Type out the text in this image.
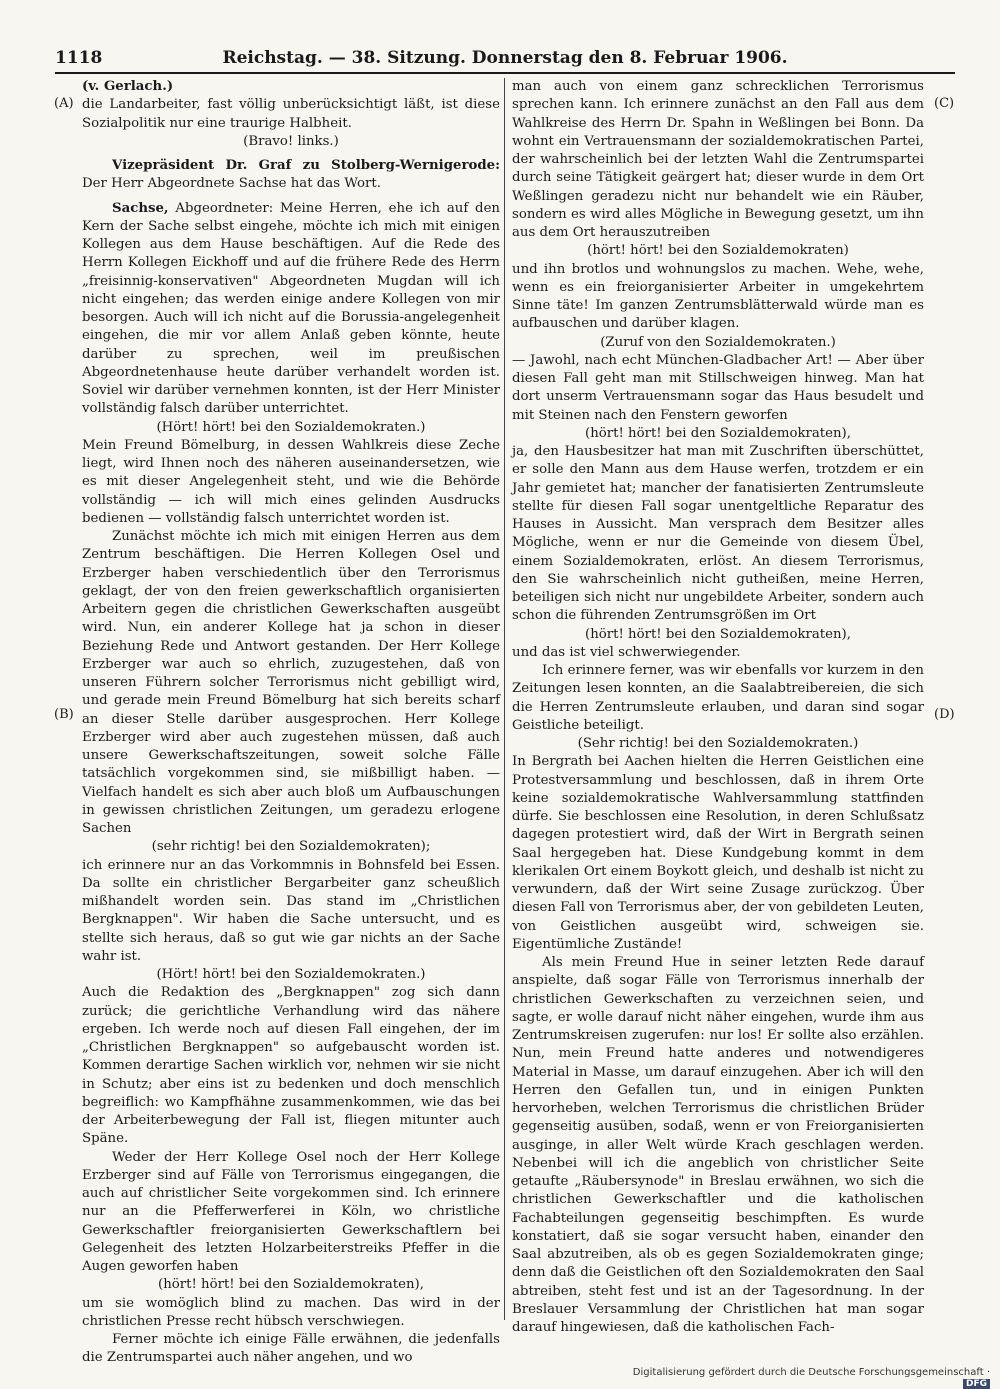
1118	Reichstag. — 38. Sitzung. Donnerstag den 8. Februar 1906.
(A)
(B)
(C)
(D)

(v. Gerlach.)

die Landarbeiter, fast völlig unberücksichtigt läßt, ist diese Sozialpolitik nur eine traurige Halbheit.

(Bravo! links.)

Vizepräsident Dr. Graf zu Stolberg-Wernigerode: Der Herr Abgeordnete Sachse hat das Wort.

Sachse, Abgeordneter: Meine Herren, ehe ich auf den Kern der Sache selbst eingehe, möchte ich mich mit einigen Kollegen aus dem Hause beschäftigen. Auf die Rede des Herrn Kollegen Eickhoff und auf die frühere Rede des Herrn „freisinnig-konservativen" Abgeordneten Mugdan will ich nicht eingehen; das werden einige andere Kollegen von mir besorgen. Auch will ich nicht auf die Borussia-angelegenheit eingehen, die mir vor allem Anlaß geben könnte, heute darüber zu sprechen, weil im preußischen Abgeordnetenhause heute darüber verhandelt worden ist. Soviel wir darüber vernehmen konnten, ist der Herr Minister vollständig falsch darüber unterrichtet.

(Hört! hört! bei den Sozialdemokraten.)

Mein Freund Bömelburg, in dessen Wahlkreis diese Zeche liegt, wird Ihnen noch des näheren auseinandersetzen, wie es mit dieser Angelegenheit steht, und wie die Behörde vollständig — ich will mich eines gelinden Ausdrucks bedienen — vollständig falsch unterrichtet worden ist.

Zunächst möchte ich mich mit einigen Herren aus dem Zentrum beschäftigen. Die Herren Kollegen Osel und Erzberger haben verschiedentlich über den Terrorismus geklagt, der von den freien gewerkschaftlich organisierten Arbeitern gegen die christlichen Gewerkschaften ausgeübt wird. Nun, ein anderer Kollege hat ja schon in dieser Beziehung Rede und Antwort gestanden. Der Herr Kollege Erzberger war auch so ehrlich, zuzugestehen, daß von unseren Führern solcher Terrorismus nicht gebilligt wird, und gerade mein Freund Bömelburg hat sich bereits scharf an dieser Stelle darüber ausgesprochen. Herr Kollege Erzberger wird aber auch zugestehen müssen, daß auch unsere Gewerkschaftszeitungen, soweit solche Fälle tatsächlich vorgekommen sind, sie mißbilligt haben. — Vielfach handelt es sich aber auch bloß um Aufbauschungen in gewissen christlichen Zeitungen, um geradezu erlogene Sachen

(sehr richtig! bei den Sozialdemokraten);

ich erinnere nur an das Vorkommnis in Bohnsfeld bei Essen. Da sollte ein christlicher Bergarbeiter ganz scheußlich mißhandelt worden sein. Das stand im „Christlichen Bergknappen". Wir haben die Sache untersucht, und es stellte sich heraus, daß so gut wie gar nichts an der Sache wahr ist.

(Hört! hört! bei den Sozialdemokraten.)

Auch die Redaktion des „Bergknappen" zog sich dann zurück; die gerichtliche Verhandlung wird das nähere ergeben. Ich werde noch auf diesen Fall eingehen, der im „Christlichen Bergknappen" so aufgebauscht worden ist. Kommen derartige Sachen wirklich vor, nehmen wir sie nicht in Schutz; aber eins ist zu bedenken und doch menschlich begreiflich: wo Kampfhähne zusammenkommen, wie das bei der Arbeiterbewegung der Fall ist, fliegen mitunter auch Späne.

Weder der Herr Kollege Osel noch der Herr Kollege Erzberger sind auf Fälle von Terrorismus eingegangen, die auch auf christlicher Seite vorgekommen sind. Ich erinnere nur an die Pfefferwerferei in Köln, wo christliche Gewerkschaftler freiorganisierten Gewerkschaftlern bei Gelegenheit des letzten Holzarbeiterstreiks Pfeffer in die Augen geworfen haben

(hört! hört! bei den Sozialdemokraten),

um sie womöglich blind zu machen. Das wird in der christlichen Presse recht hübsch verschwiegen.

Ferner möchte ich einige Fälle erwähnen, die jedenfalls die Zentrumspartei auch näher angehen, und wo

man auch von einem ganz schrecklichen Terrorismus sprechen kann. Ich erinnere zunächst an den Fall aus dem Wahlkreise des Herrn Dr. Spahn in Weßlingen bei Bonn. Da wohnt ein Vertrauensmann der sozialdemokratischen Partei, der wahrscheinlich bei der letzten Wahl die Zentrumspartei durch seine Tätigkeit geärgert hat; dieser wurde in dem Ort Weßlingen geradezu nicht nur behandelt wie ein Räuber, sondern es wird alles Mögliche in Bewegung gesetzt, um ihn aus dem Ort herauszutreiben

(hört! hört! bei den Sozialdemokraten)

und ihn brotlos und wohnungslos zu machen. Wehe, wehe, wenn es ein freiorganisierter Arbeiter in umgekehrtem Sinne täte! Im ganzen Zentrumsblätterwald würde man es aufbauschen und darüber klagen.

(Zuruf von den Sozialdemokraten.)

— Jawohl, nach echt München-Gladbacher Art! — Aber über diesen Fall geht man mit Stillschweigen hinweg. Man hat dort unserm Vertrauensmann sogar das Haus besudelt und mit Steinen nach den Fenstern geworfen

(hört! hört! bei den Sozialdemokraten),

ja, den Hausbesitzer hat man mit Zuschriften überschüttet, er solle den Mann aus dem Hause werfen, trotzdem er ein Jahr gemietet hat; mancher der fanatisierten Zentrumsleute stellte für diesen Fall sogar unentgeltliche Reparatur des Hauses in Aussicht. Man versprach dem Besitzer alles Mögliche, wenn er nur die Gemeinde von diesem Übel, einem Sozialdemokraten, erlöst. An diesem Terrorismus, den Sie wahrscheinlich nicht gutheißen, meine Herren, beteiligen sich nicht nur ungebildete Arbeiter, sondern auch schon die führenden Zentrumsgrößen im Ort

(hört! hört! bei den Sozialdemokraten),

und das ist viel schwerwiegender.

Ich erinnere ferner, was wir ebenfalls vor kurzem in den Zeitungen lesen konnten, an die Saalabtreibereien, die sich die Herren Zentrumsleute erlauben, und daran sind sogar Geistliche beteiligt.

(Sehr richtig! bei den Sozialdemokraten.)

In Bergrath bei Aachen hielten die Herren Geistlichen eine Protestversammlung und beschlossen, daß in ihrem Orte keine sozialdemokratische Wahlversammlung stattfinden dürfe. Sie beschlossen eine Resolution, in deren Schlußsatz dagegen protestiert wird, daß der Wirt in Bergrath seinen Saal hergegeben hat. Diese Kundgebung kommt in dem klerikalen Ort einem Boykott gleich, und deshalb ist nicht zu verwundern, daß der Wirt seine Zusage zurückzog. Über diesen Fall von Terrorismus aber, der von gebildeten Leuten, von Geistlichen ausgeübt wird, schweigen sie. Eigentümliche Zustände!

Als mein Freund Hue in seiner letzten Rede darauf anspielte, daß sogar Fälle von Terrorismus innerhalb der christlichen Gewerkschaften zu verzeichnen seien, und sagte, er wolle darauf nicht näher eingehen, wurde ihm aus Zentrumskreisen zugerufen: nur los! Er sollte also erzählen. Nun, mein Freund hatte anderes und notwendigeres Material in Masse, um darauf einzugehen. Aber ich will den Herren den Gefallen tun, und in einigen Punkten hervorheben, welchen Terrorismus die christlichen Brüder gegenseitig ausüben, sodaß, wenn er von Freiorganisierten ausginge, in aller Welt würde Krach geschlagen werden. Nebenbei will ich die angeblich von christlicher Seite getaufte „Räubersynode" in Breslau erwähnen, wo sich die christlichen Gewerkschaftler und die katholischen Fachabteilungen gegenseitig beschimpften. Es wurde konstatiert, daß sie sogar versucht haben, einander den Saal abzutreiben, als ob es gegen Sozialdemokraten ginge; denn daß die Geistlichen oft den Sozialdemokraten den Saal abtreiben, steht fest und ist an der Tagesordnung. In der Breslauer Versammlung der Christlichen hat man sogar darauf hingewiesen, daß die katholischen Fach-

Digitalisierung gefördert durch die Deutsche Forschungsgemeinschaft ·DFG
